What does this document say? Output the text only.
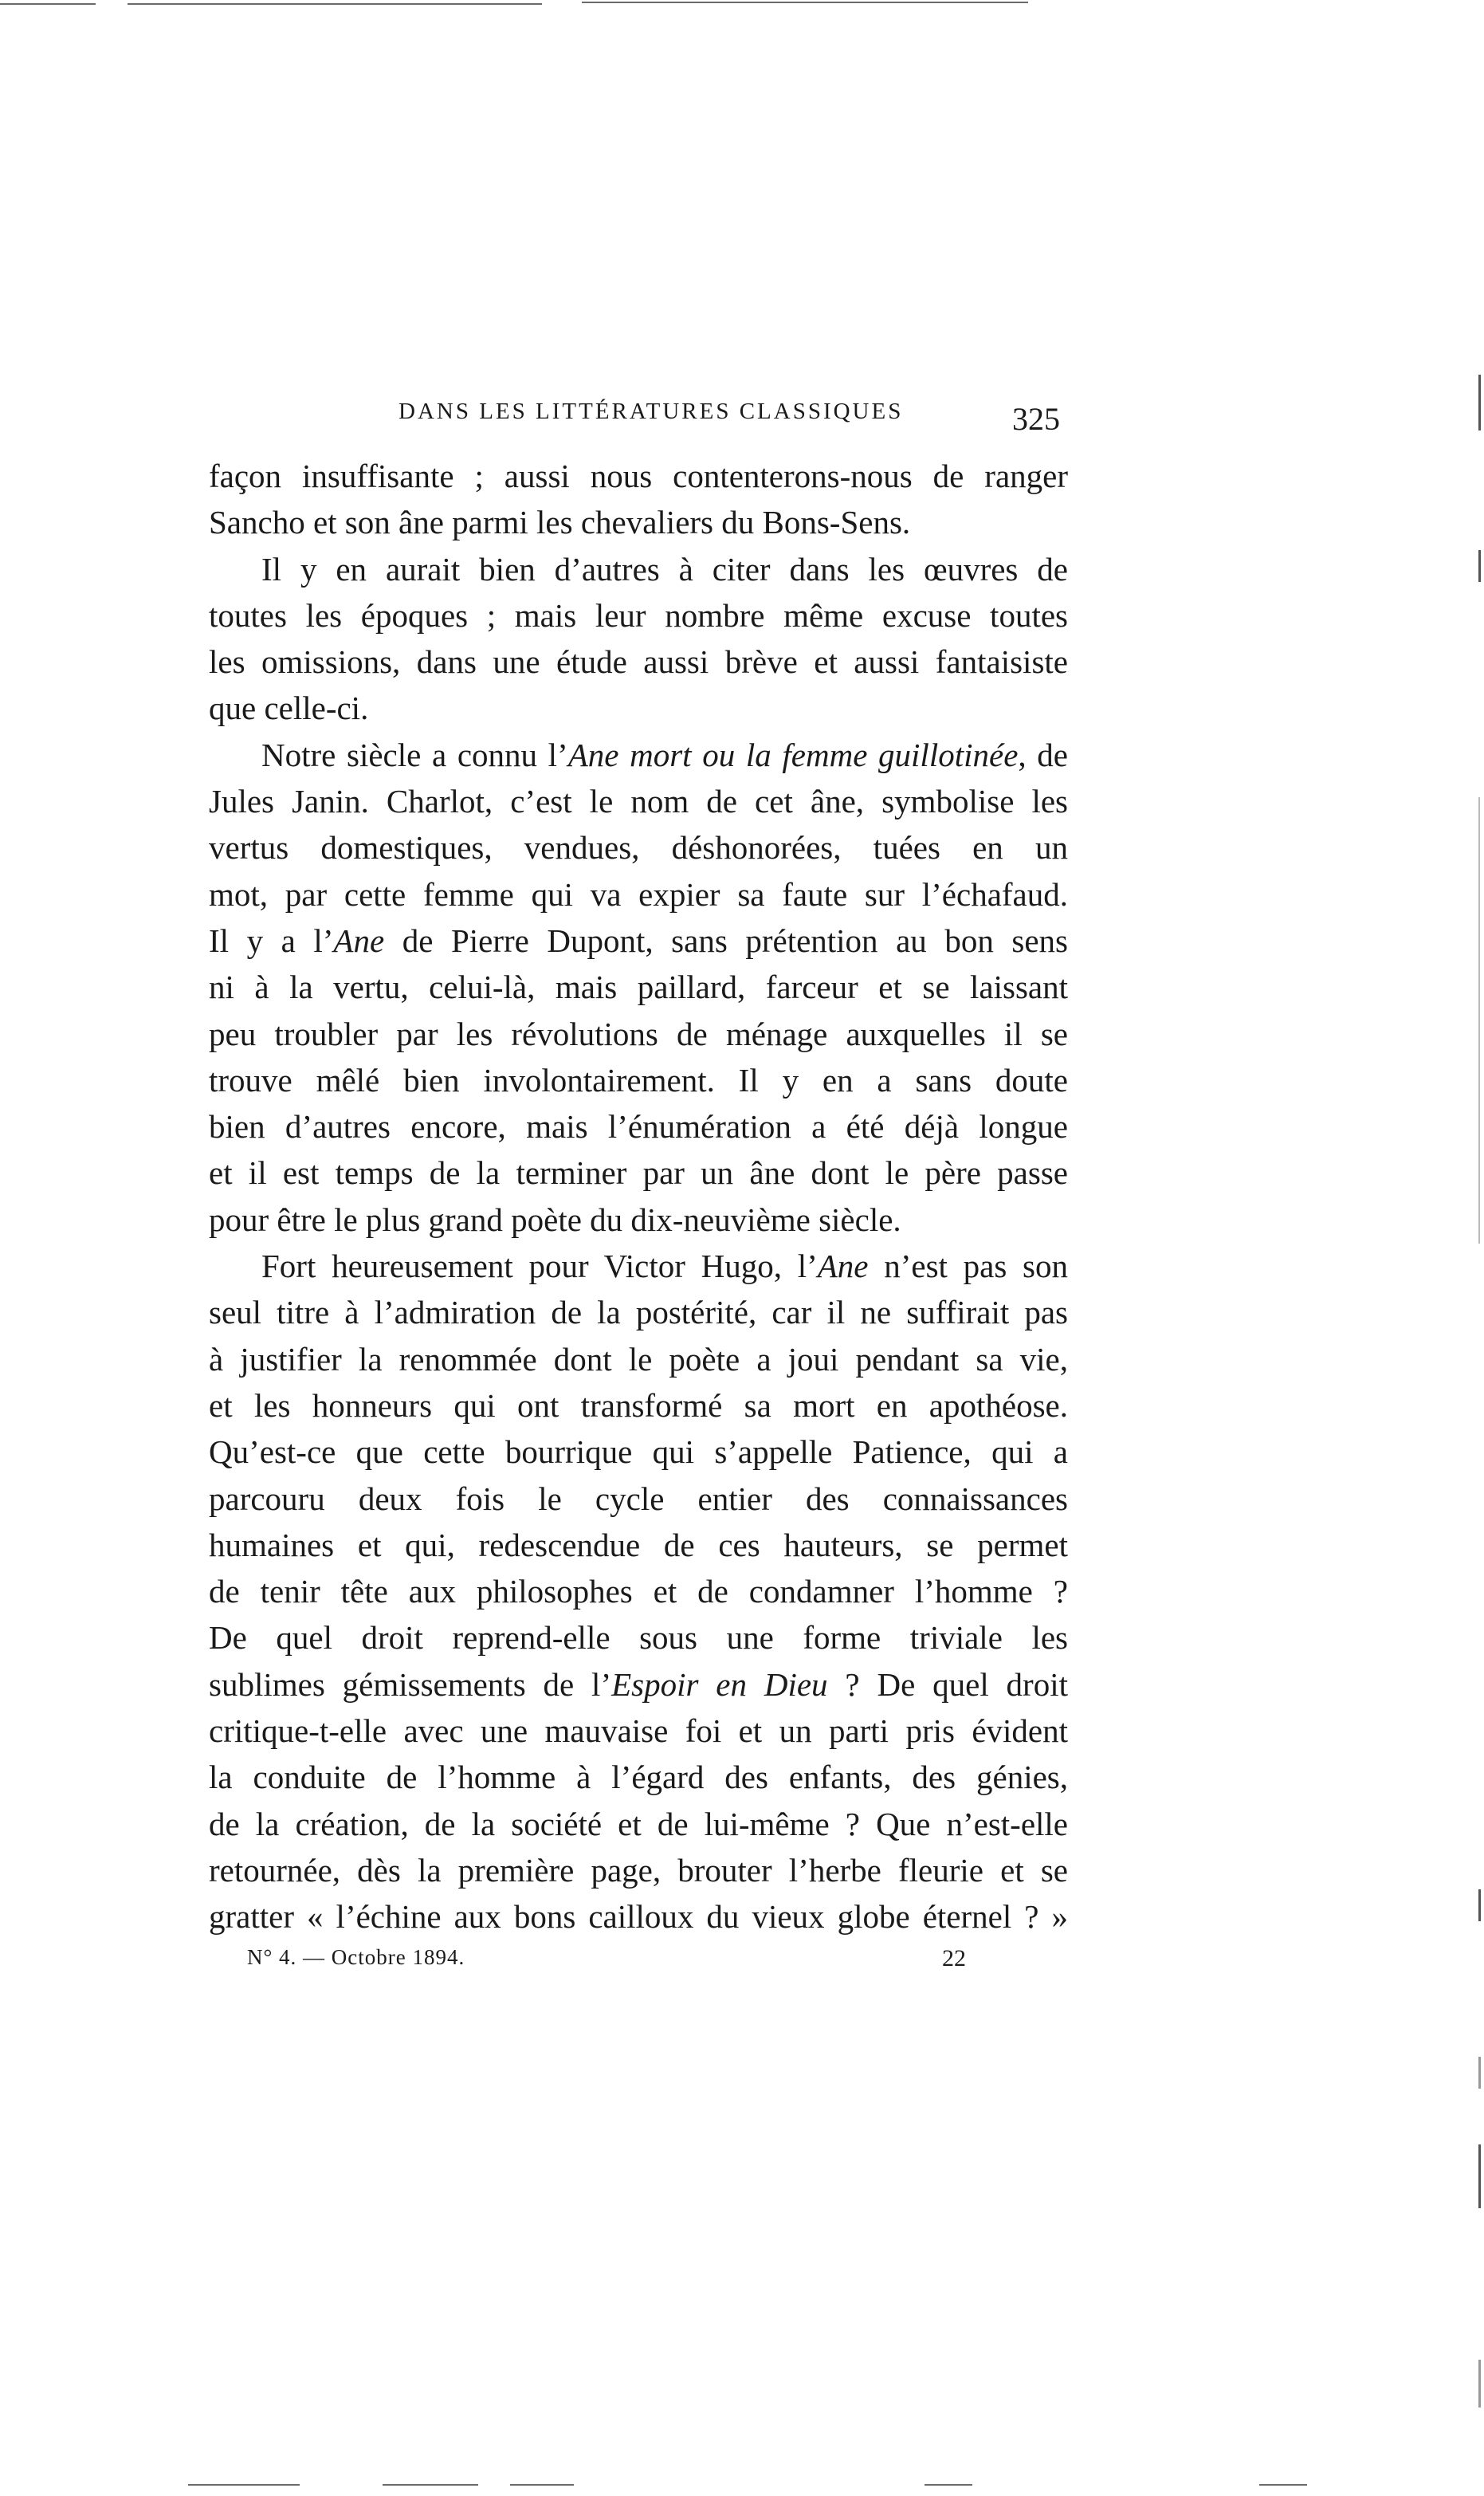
DANS LES LITTÉRATURES CLASSIQUES	325
façon insuffisante ; aussi nous contenterons-nous de ranger
Sancho et son âne parmi les chevaliers du Bons-Sens.
Il y en aurait bien d’autres à citer dans les œuvres de
toutes les époques ; mais leur nombre même excuse toutes
les omissions, dans une étude aussi brève et aussi fantaisiste
que celle-ci.
Notre siècle a connu l’Ane mort ou la femme guillotinée, de
Jules Janin. Charlot, c’est le nom de cet âne, symbolise les
vertus domestiques, vendues, déshonorées, tuées en un
mot, par cette femme qui va expier sa faute sur l’échafaud.
Il y a l’Ane de Pierre Dupont, sans prétention au bon sens
ni à la vertu, celui-là, mais paillard, farceur et se laissant
peu troubler par les révolutions de ménage auxquelles il se
trouve mêlé bien involontairement. Il y en a sans doute
bien d’autres encore, mais l’énumération a été déjà longue
et il est temps de la terminer par un âne dont le père passe
pour être le plus grand poète du dix-neuvième siècle.
Fort heureusement pour Victor Hugo, l’Ane n’est pas son
seul titre à l’admiration de la postérité, car il ne suffirait pas
à justifier la renommée dont le poète a joui pendant sa vie,
et les honneurs qui ont transformé sa mort en apothéose.
Qu’est-ce que cette bourrique qui s’appelle Patience, qui a
parcouru deux fois le cycle entier des connaissances
humaines et qui, redescendue de ces hauteurs, se permet
de tenir tête aux philosophes et de condamner l’homme ?
De quel droit reprend-elle sous une forme triviale les
sublimes gémissements de l’Espoir en Dieu ? De quel droit
critique-t-elle avec une mauvaise foi et un parti pris évident
la conduite de l’homme à l’égard des enfants, des génies,
de la création, de la société et de lui-même ? Que n’est-elle
retournée, dès la première page, brouter l’herbe fleurie et se
gratter « l’échine aux bons cailloux du vieux globe éternel ? »
N° 4. — Octobre 1894.	22
